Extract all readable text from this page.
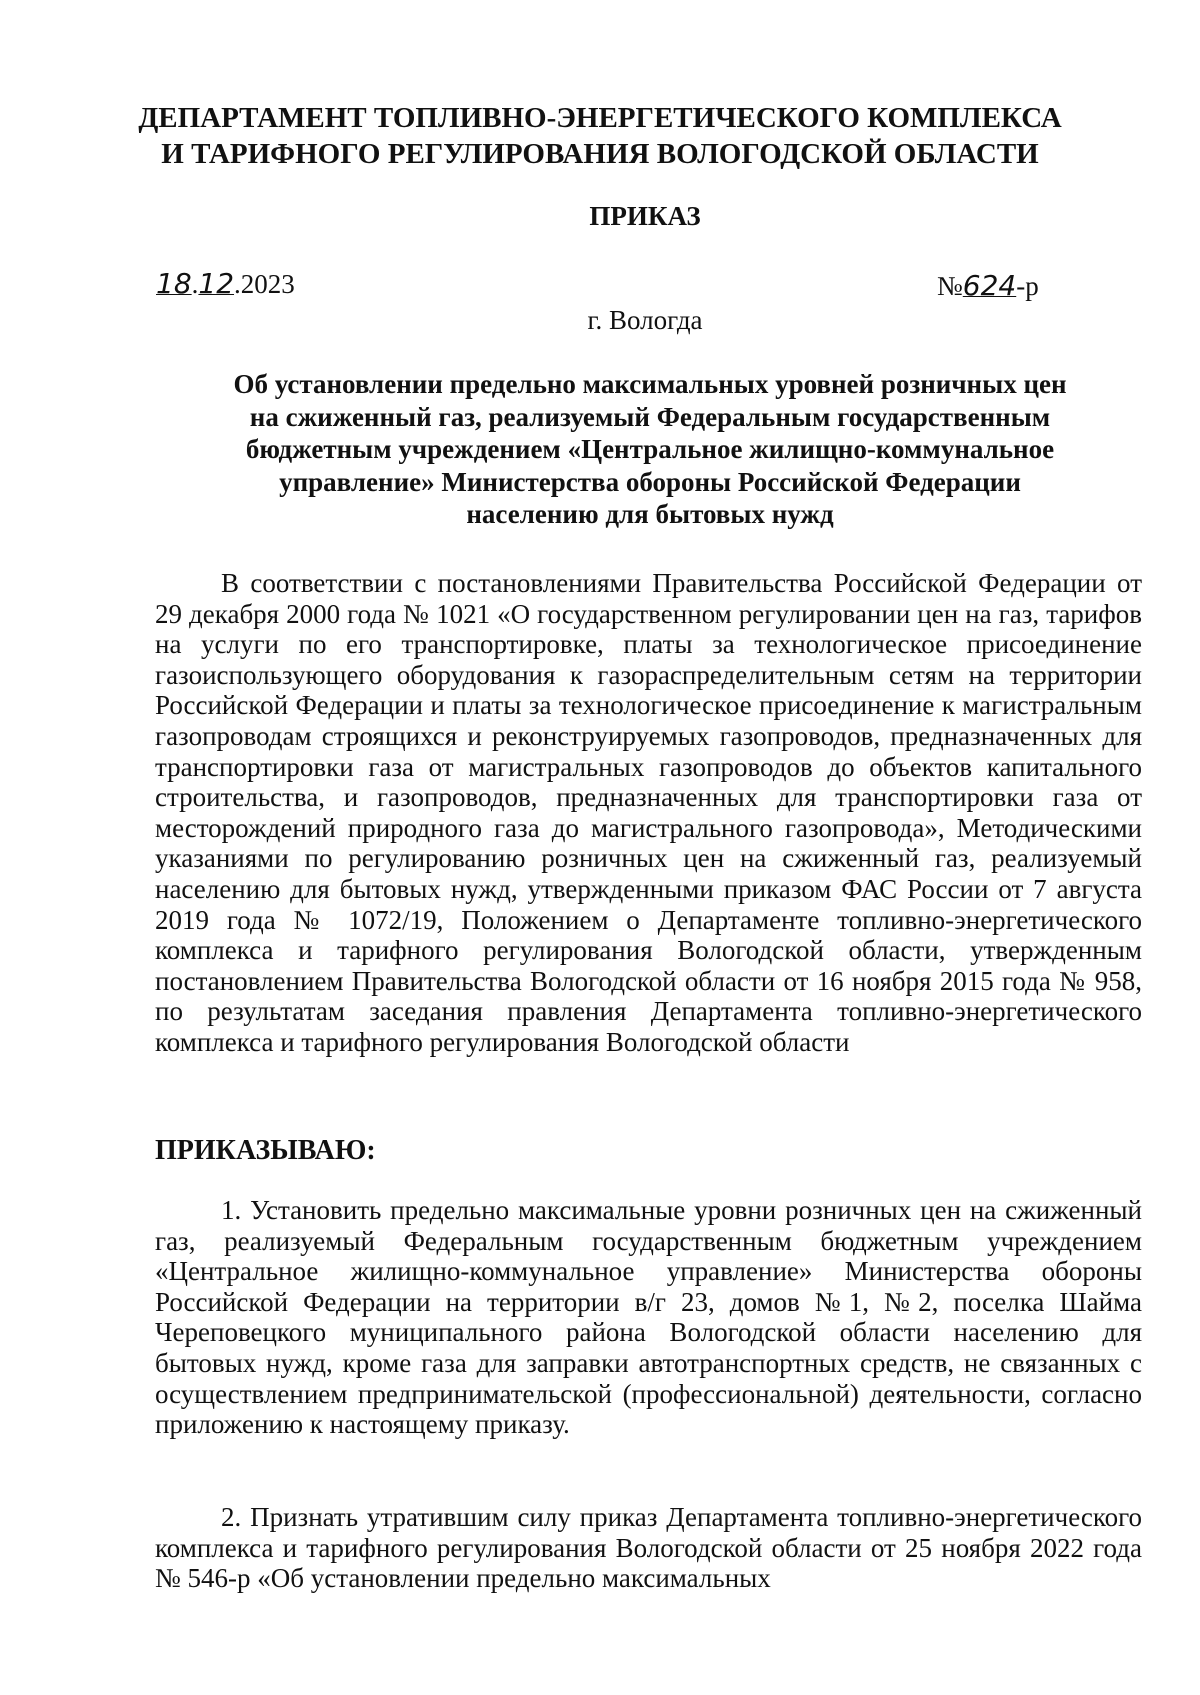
ДЕПАРТАМЕНТ ТОПЛИВНО-ЭНЕРГЕТИЧЕСКОГО КОМПЛЕКСА
И ТАРИФНОГО РЕГУЛИРОВАНИЯ ВОЛОГОДСКОЙ ОБЛАСТИ
ПРИКАЗ
18.12.2023	№624-р
г. Вологда
Об установлении предельно максимальных уровней розничных цен
на сжиженный газ, реализуемый Федеральным государственным
бюджетным учреждением «Центральное жилищно-коммунальное
управление» Министерства обороны Российской Федерации
населению для бытовых нужд

В соответствии с постановлениями Правительства Российской Федерации от 29 декабря 2000 года № 1021 «О государственном регулировании цен на газ, тарифов на услуги по его транспортировке, платы за технологическое присоединение газоиспользующего оборудования к газораспределительным сетям на территории Российской Федерации и платы за технологическое присоединение к магистральным газопроводам строящихся и реконструируемых газопроводов, предназначенных для транспортировки газа от магистральных газопроводов до объектов капитального строительства, и газопроводов, предназначенных для транспортировки газа от месторождений природного газа до магистрального газопровода», Методическими указаниями по регулированию розничных цен на сжиженный газ, реализуемый населению для бытовых нужд, утвержденными приказом ФАС России от 7 августа 2019 года № 1072/19, Положением о Департаменте топливно-энергетического комплекса и тарифного регулирования Вологодской области, утвержденным постановлением Правительства Вологодской области от 16 ноября 2015 года № 958, по результатам заседания правления Департамента топливно-энергетического комплекса и тарифного регулирования Вологодской области

ПРИКАЗЫВАЮ:

1. Установить предельно максимальные уровни розничных цен на сжиженный газ, реализуемый Федеральным государственным бюджетным учреждением «Центральное жилищно-коммунальное управление» Министерства обороны Российской Федерации на территории в/г 23, домов №1, №2, поселка Шайма Череповецкого муниципального района Вологодской области населению для бытовых нужд, кроме газа для заправки автотранспортных средств, не связанных с осуществлением предпринимательской (профессиональной) деятельности, согласно приложению к настоящему приказу.

2. Признать утратившим силу приказ Департамента топливно-энергетического комплекса и тарифного регулирования Вологодской области от 25 ноября 2022 года № 546-р «Об установлении предельно максимальных
